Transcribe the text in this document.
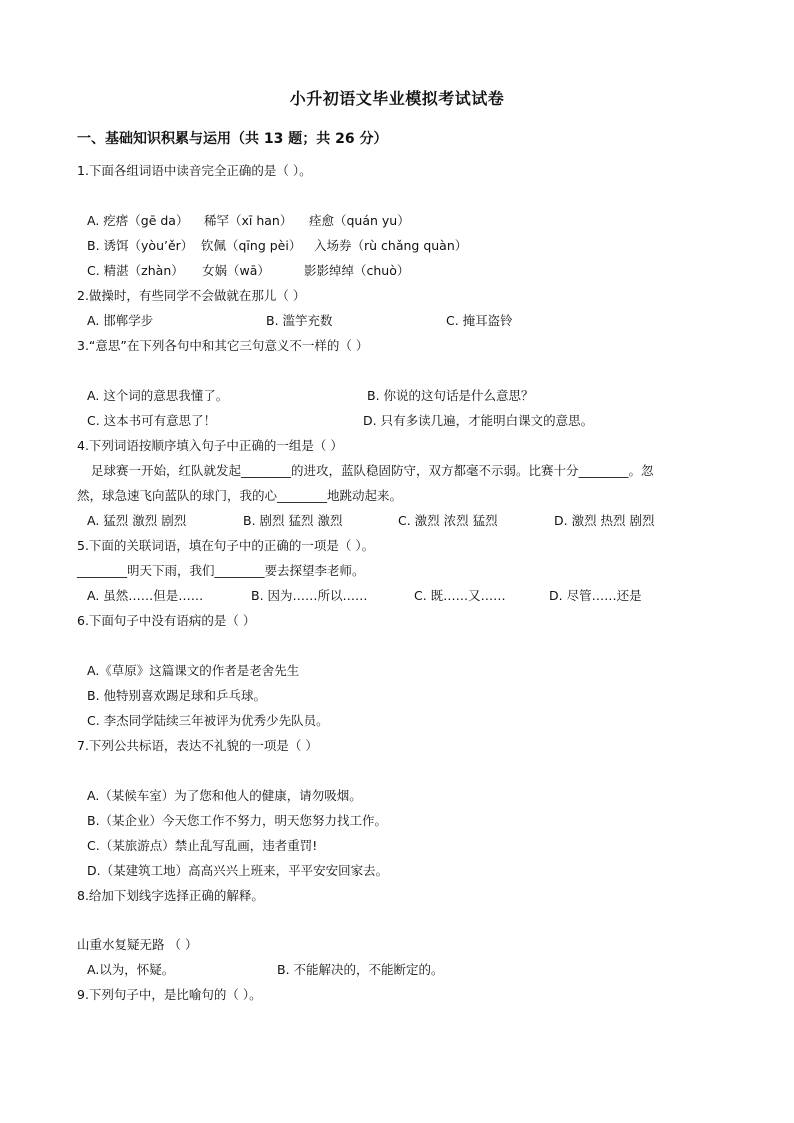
小升初语文毕业模拟考试试卷
一、基础知识积累与运用（共 13 题；共 26 分）
1.下面各组词语中读音完全正确的是（ ）。
A. 疙瘩（gē da） 稀罕（xī han） 痊愈（quán yu）
B. 诱饵（yòu’ěr） 钦佩（qīng pèi） 入场券（rù chǎng quàn）
C. 精湛（zhàn） 女娲（wā）	影影绰绰（chuò）
2.做操时，有些同学不会做就在那儿（ ）
A. 邯郸学步	B. 滥竽充数	C. 掩耳盗铃
3.“意思”在下列各句中和其它三句意义不一样的（ ）
A. 这个词的意思我懂了。	B. 你说的这句话是什么意思？
C. 这本书可有意思了！	D. 只有多读几遍，才能明白课文的意思。
4.下列词语按顺序填入句子中正确的一组是（ ）
足球赛一开始，红队就发起________的进攻，蓝队稳固防守，双方都毫不示弱。比赛十分________。忽
然，球急速飞向蓝队的球门，我的心________地跳动起来。
A. 猛烈 激烈 剧烈	B. 剧烈 猛烈 激烈	C. 激烈 浓烈 猛烈	D. 激烈 热烈 剧烈
5.下面的关联词语，填在句子中的正确的一项是（ ）。
________明天下雨，我们________要去探望李老师。
A. 虽然……但是……	B. 因为……所以……	C. 既……又……	D. 尽管……还是
6.下面句子中没有语病的是（ ）
A.《草原》这篇课文的作者是老舍先生
B. 他特别喜欢踢足球和乒乓球。
C. 李杰同学陆续三年被评为优秀少先队员。
7.下列公共标语，表达不礼貌的一项是（ ）
A.（某候车室）为了您和他人的健康，请勿吸烟。
B.（某企业）今天您工作不努力，明天您努力找工作。
C.（某旅游点）禁止乱写乱画，违者重罚!
D.（某建筑工地）高高兴兴上班来，平平安安回家去。
8.给加下划线字选择正确的解释。
山重水复疑无路 （ ）
A.以为，怀疑。	B. 不能解决的，不能断定的。
9.下列句子中，是比喻句的（ ）。
